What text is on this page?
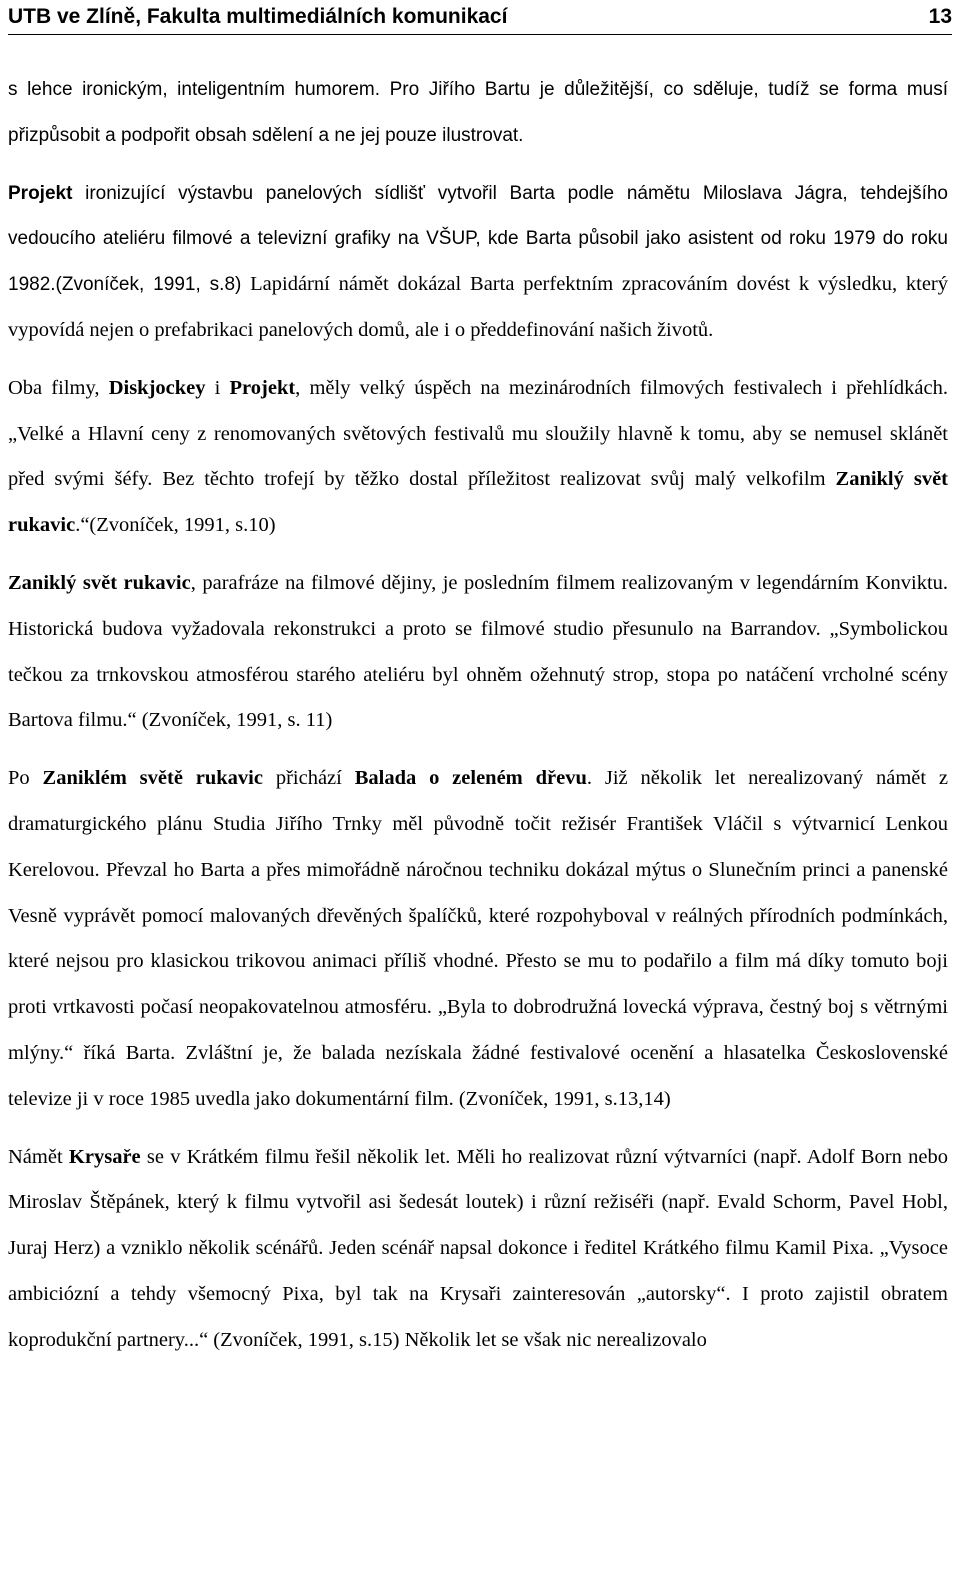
UTB ve Zlíně, Fakulta multimediálních komunikací	13

s lehce ironickým, inteligentním humorem. Pro Jiřího Bartu je důležitější, co sděluje, tudíž se forma musí přizpůsobit a podpořit obsah sdělení a ne jej pouze ilustrovat.

Projekt ironizující výstavbu panelových sídlišť vytvořil Barta podle námětu Miloslava Jágra, tehdejšího vedoucího ateliéru filmové a televizní grafiky na VŠUP, kde Barta působil jako asistent od roku 1979 do roku 1982.(Zvoníček, 1991, s.8) Lapidární námět dokázal Barta perfektním zpracováním dovést k výsledku, který vypovídá nejen o prefabrikaci panelových domů, ale i o předdefinování našich životů.

Oba filmy, Diskjockey i Projekt, měly velký úspěch na mezinárodních filmových festivalech i přehlídkách. „Velké a Hlavní ceny z renomovaných světových festivalů mu sloužily hlavně k tomu, aby se nemusel sklánět před svými šéfy. Bez těchto trofejí by těžko dostal příležitost realizovat svůj malý velkofilm Zaniklý svět rukavic.“(Zvoníček, 1991, s.10)

Zaniklý svět rukavic, parafráze na filmové dějiny, je posledním filmem realizovaným v legendárním Konviktu. Historická budova vyžadovala rekonstrukci a proto se filmové studio přesunulo na Barrandov. „Symbolickou tečkou za trnkovskou atmosférou starého ateliéru byl ohněm ožehnutý strop, stopa po natáčení vrcholné scény Bartova filmu.“ (Zvoníček, 1991, s. 11)

Po Zaniklém světě rukavic přichází Balada o zeleném dřevu. Již několik let nerealizovaný námět z dramaturgického plánu Studia Jiřího Trnky měl původně točit režisér František Vláčil s výtvarnicí Lenkou Kerelovou. Převzal ho Barta a přes mimořádně náročnou techniku dokázal mýtus o Slunečním princi a panenské Vesně vyprávět pomocí malovaných dřevěných špalíčků, které rozpohyboval v reálných přírodních podmínkách, které nejsou pro klasickou trikovou animaci příliš vhodné. Přesto se mu to podařilo a film má díky tomuto boji proti vrtkavosti počasí neopakovatelnou atmosféru. „Byla to dobrodružná lovecká výprava, čestný boj s větrnými mlýny.“ říká Barta. Zvláštní je, že balada nezískala žádné festivalové ocenění a hlasatelka Československé televize ji v roce 1985 uvedla jako dokumentární film. (Zvoníček, 1991, s.13,14)

Námět Krysaře se v Krátkém filmu řešil několik let. Měli ho realizovat různí výtvarníci (např. Adolf Born nebo Miroslav Štěpánek, který k filmu vytvořil asi šedesát loutek) i různí režiséři (např. Evald Schorm, Pavel Hobl, Juraj Herz) a vzniklo několik scénářů. Jeden scénář napsal dokonce i ředitel Krátkého filmu Kamil Pixa. „Vysoce ambiciózní a tehdy všemocný Pixa, byl tak na Krysaři zainteresován „autorsky“. I proto zajistil obratem koprodukční partnery...“ (Zvoníček, 1991, s.15) Několik let se však nic nerealizovalo
